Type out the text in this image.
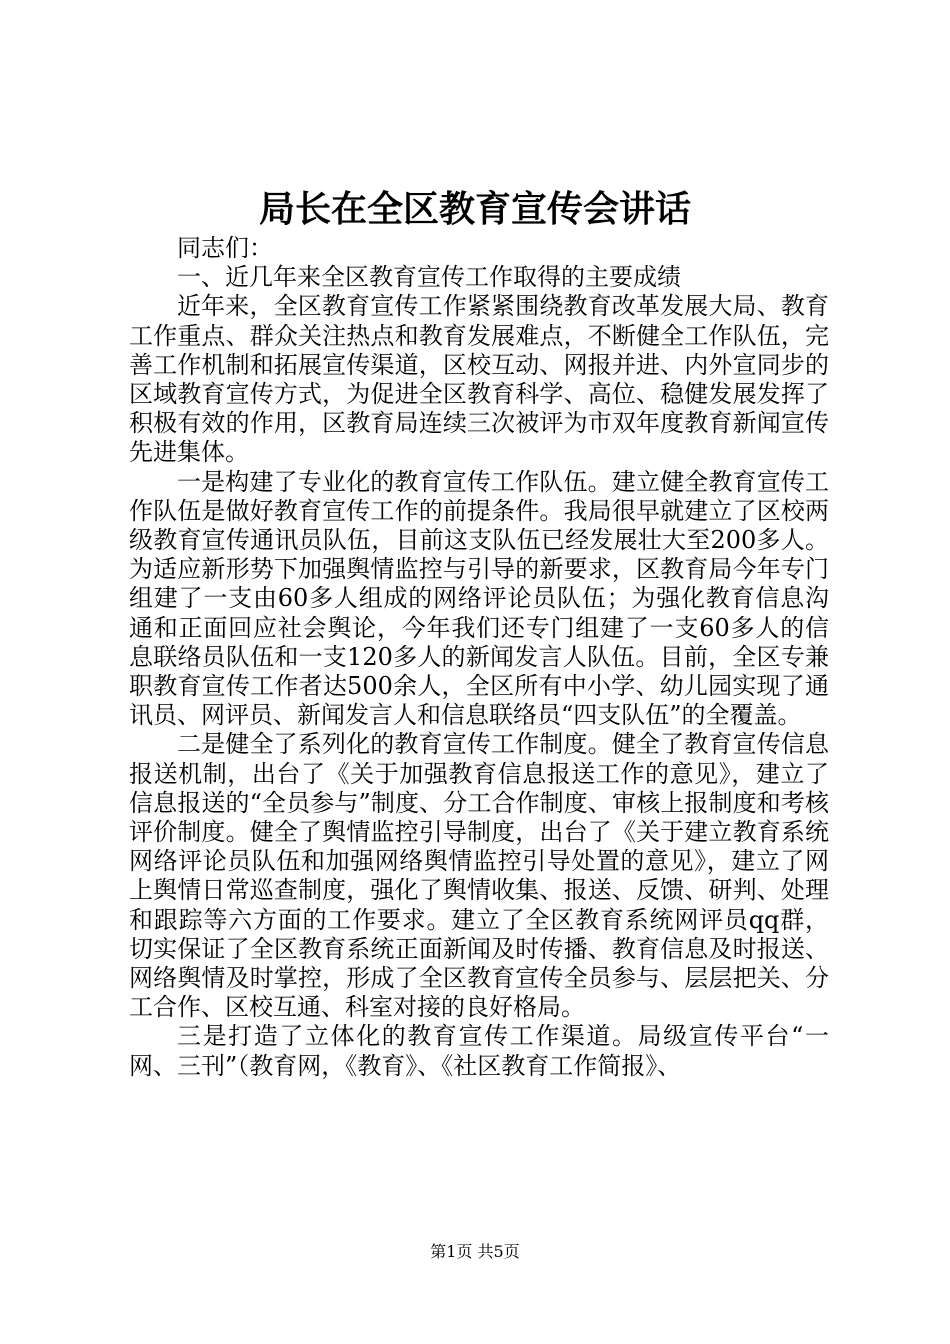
局长在全区教育宣传会讲话

同志们：

一、近几年来全区教育宣传工作取得的主要成绩

近年来，全区教育宣传工作紧紧围绕教育改革发展大局、教育工作重点、群众关注热点和教育发展难点，不断健全工作队伍，完善工作机制和拓展宣传渠道，区校互动、网报并进、内外宣同步的区域教育宣传方式，为促进全区教育科学、高位、稳健发展发挥了积极有效的作用，区教育局连续三次被评为市双年度教育新闻宣传先进集体。

一是构建了专业化的教育宣传工作队伍。建立健全教育宣传工作队伍是做好教育宣传工作的前提条件。我局很早就建立了区校两级教育宣传通讯员队伍，目前这支队伍已经发展壮大至200多人。为适应新形势下加强舆情监控与引导的新要求，区教育局今年专门组建了一支由60多人组成的网络评论员队伍；为强化教育信息沟通和正面回应社会舆论，今年我们还专门组建了一支60多人的信息联络员队伍和一支120多人的新闻发言人队伍。目前，全区专兼职教育宣传工作者达500余人，全区所有中小学、幼儿园实现了通讯员、网评员、新闻发言人和信息联络员“四支队伍”的全覆盖。

二是健全了系列化的教育宣传工作制度。健全了教育宣传信息报送机制，出台了《关于加强教育信息报送工作的意见》，建立了信息报送的“全员参与”制度、分工合作制度、审核上报制度和考核评价制度。健全了舆情监控引导制度，出台了《关于建立教育系统网络评论员队伍和加强网络舆情监控引导处置的意见》，建立了网上舆情日常巡查制度，强化了舆情收集、报送、反馈、研判、处理和跟踪等六方面的工作要求。建立了全区教育系统网评员qq群，切实保证了全区教育系统正面新闻及时传播、教育信息及时报送、网络舆情及时掌控，形成了全区教育宣传全员参与、层层把关、分工合作、区校互通、科室对接的良好格局。

三是打造了立体化的教育宣传工作渠道。局级宣传平台“一网、三刊”（教育网，《教育》、《社区教育工作简报》、

第1页 共5页
